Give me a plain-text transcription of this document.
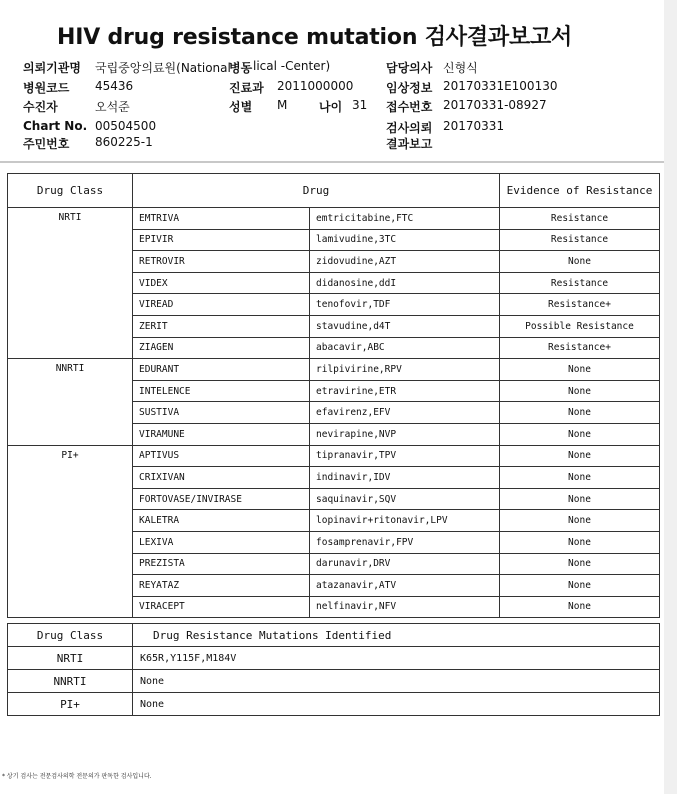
HIV drug resistance mutation 검사결과보고서
의뢰기관명 국립중앙의료원(National
병동 lical -Center)	담당의사 신형식
병원코드 45436	진료과 2011000000	임상정보 20170331E100130
수진자	오석준	성별 M	나이 31 접수번호 20170331-08927
Chart No. 00504500	검사의뢰 20170331
주민번호 860225-1	결과보고
Drug Class	Drug		Evidence of Resistance
NRTI	EMTRIVA	emtricitabine,FTC	Resistance
	EPIVIR	lamivudine,3TC	Resistance
	RETROVIR	zidovudine,AZT	None
	VIDEX	didanosine,ddI	Resistance
	VIREAD	tenofovir,TDF	Resistance+
	ZERIT	stavudine,d4T	Possible Resistance
	ZIAGEN	abacavir,ABC	Resistance+
NNRTI	EDURANT	rilpivirine,RPV	None
	INTELENCE	etravirine,ETR	None
	SUSTIVA	efavirenz,EFV	None
	VIRAMUNE	nevirapine,NVP	None
PI+	APTIVUS	tipranavir,TPV	None
	CRIXIVAN	indinavir,IDV	None
	FORTOVASE/INVIRASE	saquinavir,SQV	None
	KALETRA	lopinavir+ritonavir,LPV	None
	LEXIVA	fosamprenavir,FPV	None
	PREZISTA	darunavir,DRV	None
	REYATAZ	atazanavir,ATV	None
	VIRACEPT	nelfinavir,NFV	None
Drug Class	Drug Resistance Mutations Identified
NRTI	K65R,Y115F,M184V
NNRTI	None
PI+	None
* 상기 검사는 전문검사의학 전문의가 판독한 검사입니다.
